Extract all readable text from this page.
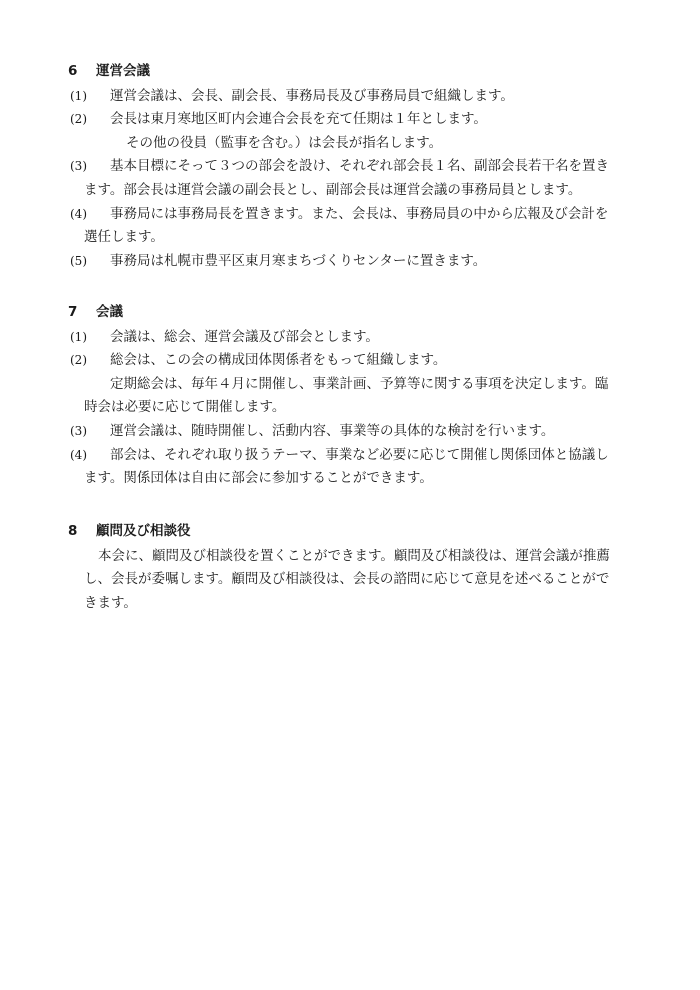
6 運営会議
(1) 運営会議は、会長、副会長、事務局長及び事務局員で組織します。
(2) 会長は東月寒地区町内会連合会長を充て任期は１年とします。
その他の役員（監事を含む。）は会長が指名します。
(3) 基本目標にそって３つの部会を設け、それぞれ部会長１名、副部会長若干名を置き
ます。部会長は運営会議の副会長とし、副部会長は運営会議の事務局員とします。
(4) 事務局には事務局長を置きます。また、会長は、事務局員の中から広報及び会計を
選任します。
(5) 事務局は札幌市豊平区東月寒まちづくりセンターに置きます。
7 会議
(1) 会議は、総会、運営会議及び部会とします。
(2) 総会は、この会の構成団体関係者をもって組織します。
定期総会は、毎年４月に開催し、事業計画、予算等に関する事項を決定します。臨
時会は必要に応じて開催します。
(3) 運営会議は、随時開催し、活動内容、事業等の具体的な検討を行います。
(4) 部会は、それぞれ取り扱うテーマ、事業など必要に応じて開催し関係団体と協議し
ます。関係団体は自由に部会に参加することができます。
8 顧問及び相談役
本会に、顧問及び相談役を置くことができます。顧問及び相談役は、運営会議が推薦
し、会長が委嘱します。顧問及び相談役は、会長の諮問に応じて意見を述べることがで
きます。
